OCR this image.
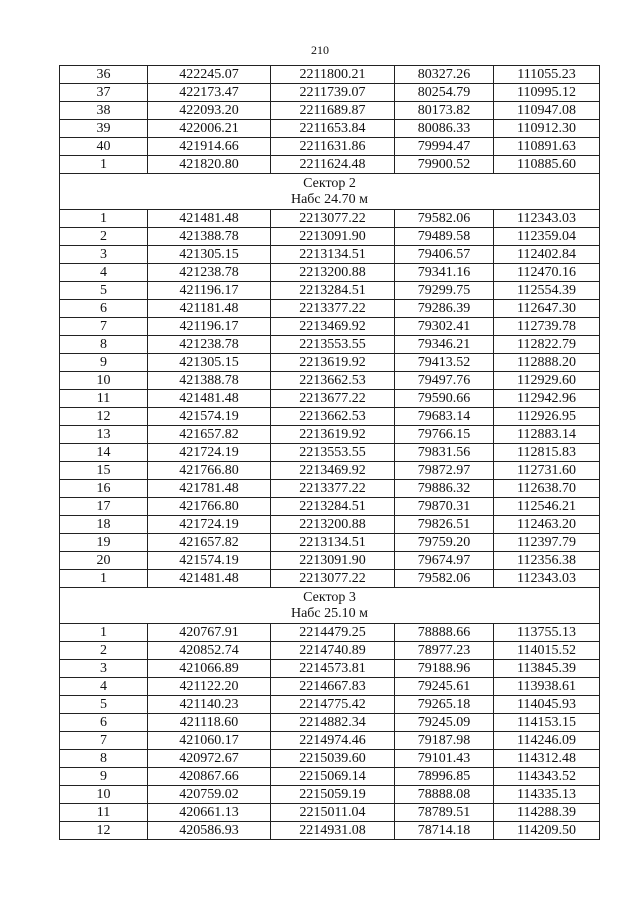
210
36	422245.07	2211800.21	80327.26	111055.23
37	422173.47	2211739.07	80254.79	110995.12
38	422093.20	2211689.87	80173.82	110947.08
39	422006.21	2211653.84	80086.33	110912.30
40	421914.66	2211631.86	79994.47	110891.63
1	421820.80	2211624.48	79900.52	110885.60

Сектор 2
Набс 24.70 м				

1	421481.48	2213077.22	79582.06	112343.03
2	421388.78	2213091.90	79489.58	112359.04
3	421305.15	2213134.51	79406.57	112402.84
4	421238.78	2213200.88	79341.16	112470.16
5	421196.17	2213284.51	79299.75	112554.39
6	421181.48	2213377.22	79286.39	112647.30
7	421196.17	2213469.92	79302.41	112739.78
8	421238.78	2213553.55	79346.21	112822.79
9	421305.15	2213619.92	79413.52	112888.20
10	421388.78	2213662.53	79497.76	112929.60
11	421481.48	2213677.22	79590.66	112942.96
12	421574.19	2213662.53	79683.14	112926.95
13	421657.82	2213619.92	79766.15	112883.14
14	421724.19	2213553.55	79831.56	112815.83
15	421766.80	2213469.92	79872.97	112731.60
16	421781.48	2213377.22	79886.32	112638.70
17	421766.80	2213284.51	79870.31	112546.21
18	421724.19	2213200.88	79826.51	112463.20
19	421657.82	2213134.51	79759.20	112397.79
20	421574.19	2213091.90	79674.97	112356.38
1	421481.48	2213077.22	79582.06	112343.03

Сектор 3
Набс 25.10 м				

1	420767.91	2214479.25	78888.66	113755.13
2	420852.74	2214740.89	78977.23	114015.52
3	421066.89	2214573.81	79188.96	113845.39
4	421122.20	2214667.83	79245.61	113938.61
5	421140.23	2214775.42	79265.18	114045.93
6	421118.60	2214882.34	79245.09	114153.15
7	421060.17	2214974.46	79187.98	114246.09
8	420972.67	2215039.60	79101.43	114312.48
9	420867.66	2215069.14	78996.85	114343.52
10	420759.02	2215059.19	78888.08	114335.13
11	420661.13	2215011.04	78789.51	114288.39
12	420586.93	2214931.08	78714.18	114209.50
